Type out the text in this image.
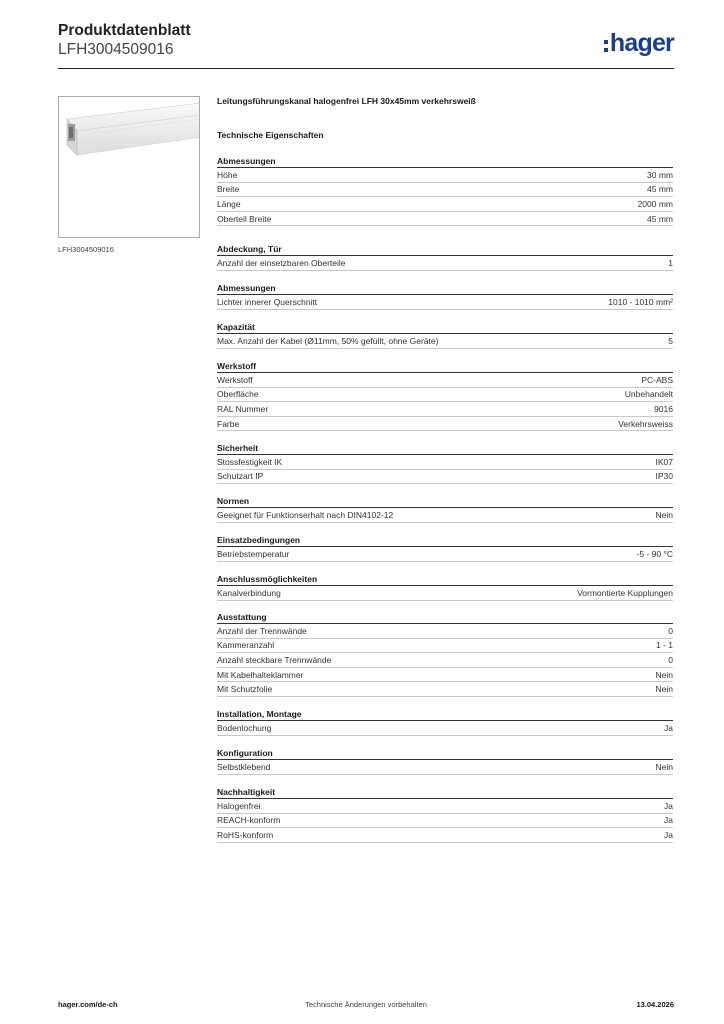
Produktdatenblatt
LFH3004509016	hager
LFH3004509016
Leitungsführungskanal halogenfrei LFH 30x45mm verkehrsweiß
Technische Eigenschaften
Abmessungen
Höhe	30 mm
Breite	45 mm
Länge	2000 mm
Oberteil Breite	45 mm
Abdeckung, Tür
Anzahl der einsetzbaren Oberteile	1
Abmessungen
Lichter innerer Querschnitt	1010 - 1010 mm²
Kapazität
Max. Anzahl der Kabel (Ø11mm, 50% gefüllt, ohne Geräte)	5
Werkstoff
Werkstoff	PC-ABS
Oberfläche	Unbehandelt
RAL Nummer	9016
Farbe	Verkehrsweiss
Sicherheit
Stossfestigkeit IK	IK07
Schutzart IP	IP30
Normen
Geeignet für Funktionserhalt nach DIN4102-12	Nein
Einsatzbedingungen
Betriebstemperatur	-5 - 90 °C
Anschlussmöglichkeiten
Kanalverbindung	Vormontierte Kupplungen
Ausstattung
Anzahl der Trennwände	0
Kammeranzahl	1 - 1
Anzahl steckbare Trennwände	0
Mit Kabelhalteklammer	Nein
Mit Schutzfolie	Nein
Installation, Montage
Bodenlochung	Ja
Konfiguration
Selbstklebend	Nein
Nachhaltigkeit
Halogenfrei	Ja
REACH-konform	Ja
RoHS-konform	Ja
Technische Änderungen vorbehalten
hager.com/de-ch	13.04.2026
